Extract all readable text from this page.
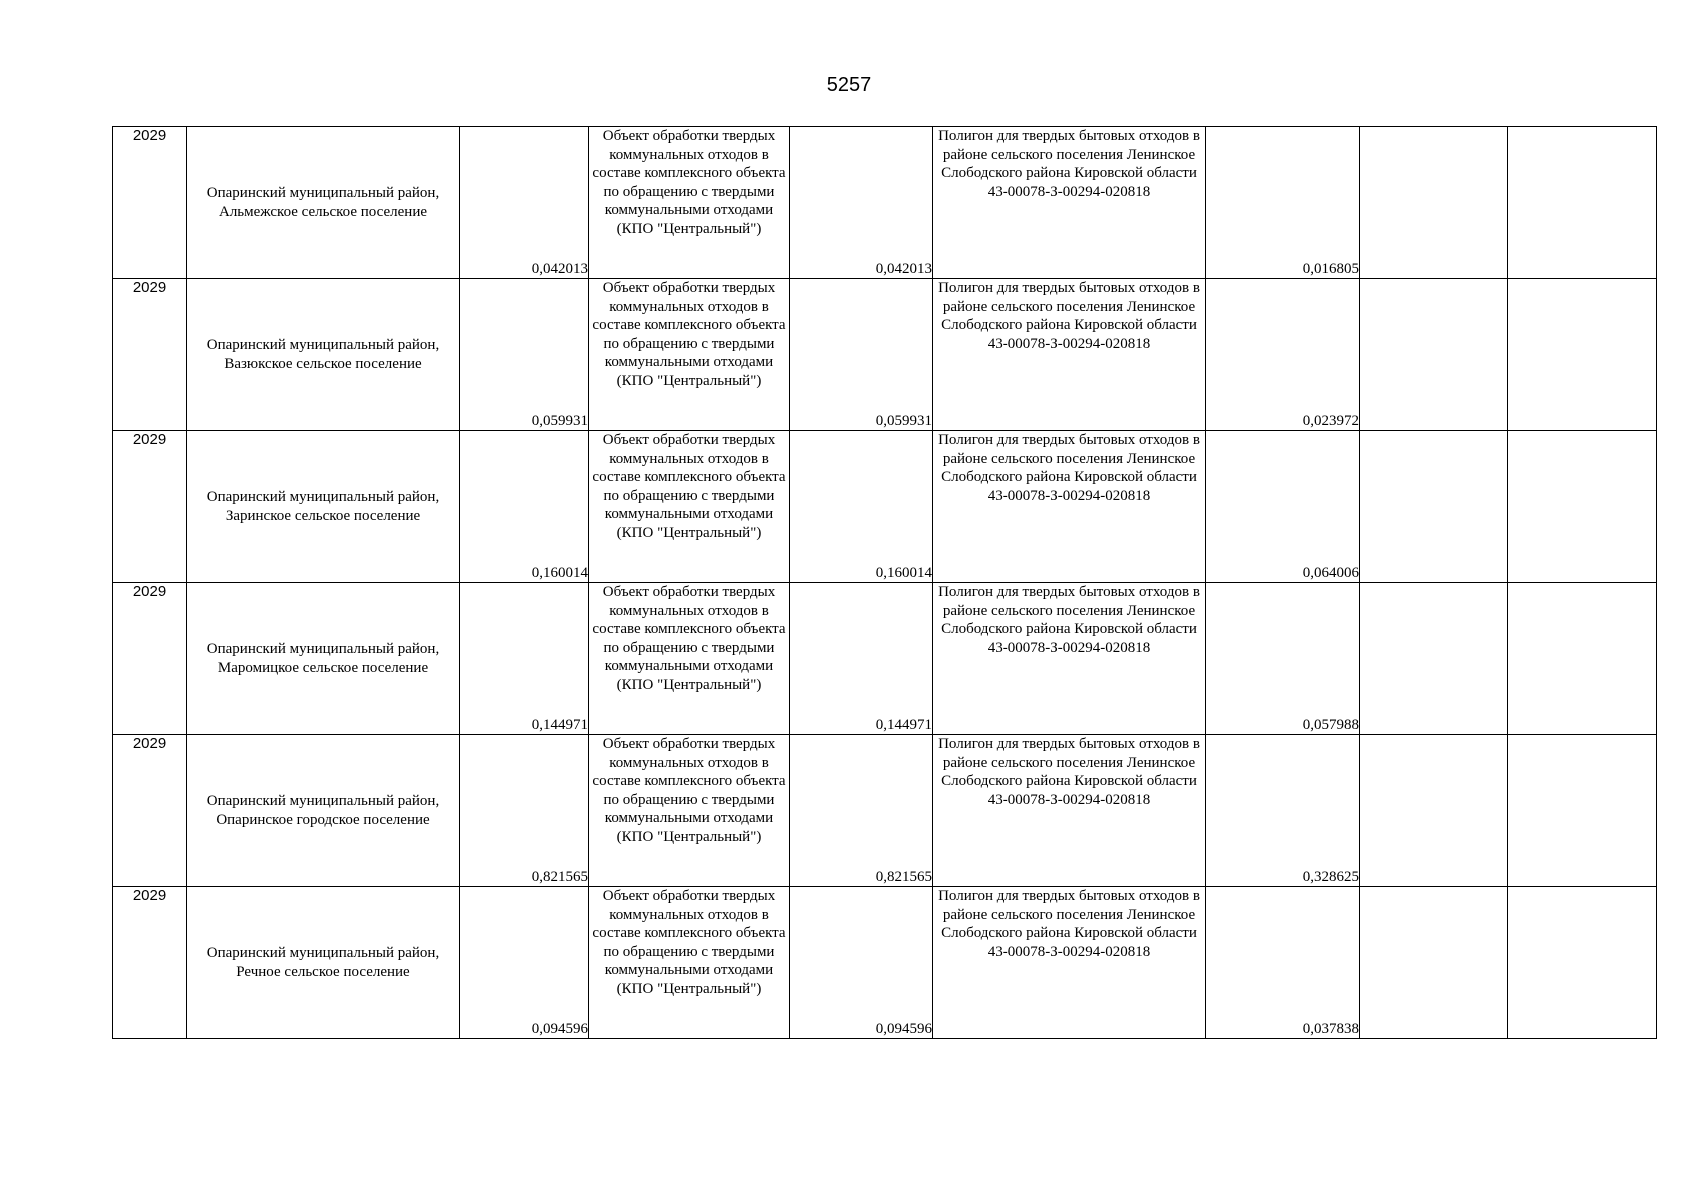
5257
2029	Опаринский муниципальный район, Альмежское сельское поселение	0,042013	Объект обработки твердых коммунальных отходов в составе комплексного объекта по обращению с твердыми коммунальными отходами (КПО "Центральный")	0,042013	Полигон для твердых бытовых отходов в районе сельского поселения Ленинское Слободского района Кировской области 43-00078-З-00294-020818	0,016805		
2029	Опаринский муниципальный район, Вазюкское сельское поселение	0,059931	Объект обработки твердых коммунальных отходов в составе комплексного объекта по обращению с твердыми коммунальными отходами (КПО "Центральный")	0,059931	Полигон для твердых бытовых отходов в районе сельского поселения Ленинское Слободского района Кировской области 43-00078-З-00294-020818	0,023972		
2029	Опаринский муниципальный район, Заринское сельское поселение	0,160014	Объект обработки твердых коммунальных отходов в составе комплексного объекта по обращению с твердыми коммунальными отходами (КПО "Центральный")	0,160014	Полигон для твердых бытовых отходов в районе сельского поселения Ленинское Слободского района Кировской области 43-00078-З-00294-020818	0,064006		
2029	Опаринский муниципальный район, Маромицкое сельское поселение	0,144971	Объект обработки твердых коммунальных отходов в составе комплексного объекта по обращению с твердыми коммунальными отходами (КПО "Центральный")	0,144971	Полигон для твердых бытовых отходов в районе сельского поселения Ленинское Слободского района Кировской области 43-00078-З-00294-020818	0,057988		
2029	Опаринский муниципальный район, Опаринское городское поселение	0,821565	Объект обработки твердых коммунальных отходов в составе комплексного объекта по обращению с твердыми коммунальными отходами (КПО "Центральный")	0,821565	Полигон для твердых бытовых отходов в районе сельского поселения Ленинское Слободского района Кировской области 43-00078-З-00294-020818	0,328625		
2029	Опаринский муниципальный район, Речное сельское поселение	0,094596	Объект обработки твердых коммунальных отходов в составе комплексного объекта по обращению с твердыми коммунальными отходами (КПО "Центральный")	0,094596	Полигон для твердых бытовых отходов в районе сельского поселения Ленинское Слободского района Кировской области 43-00078-З-00294-020818	0,037838		
